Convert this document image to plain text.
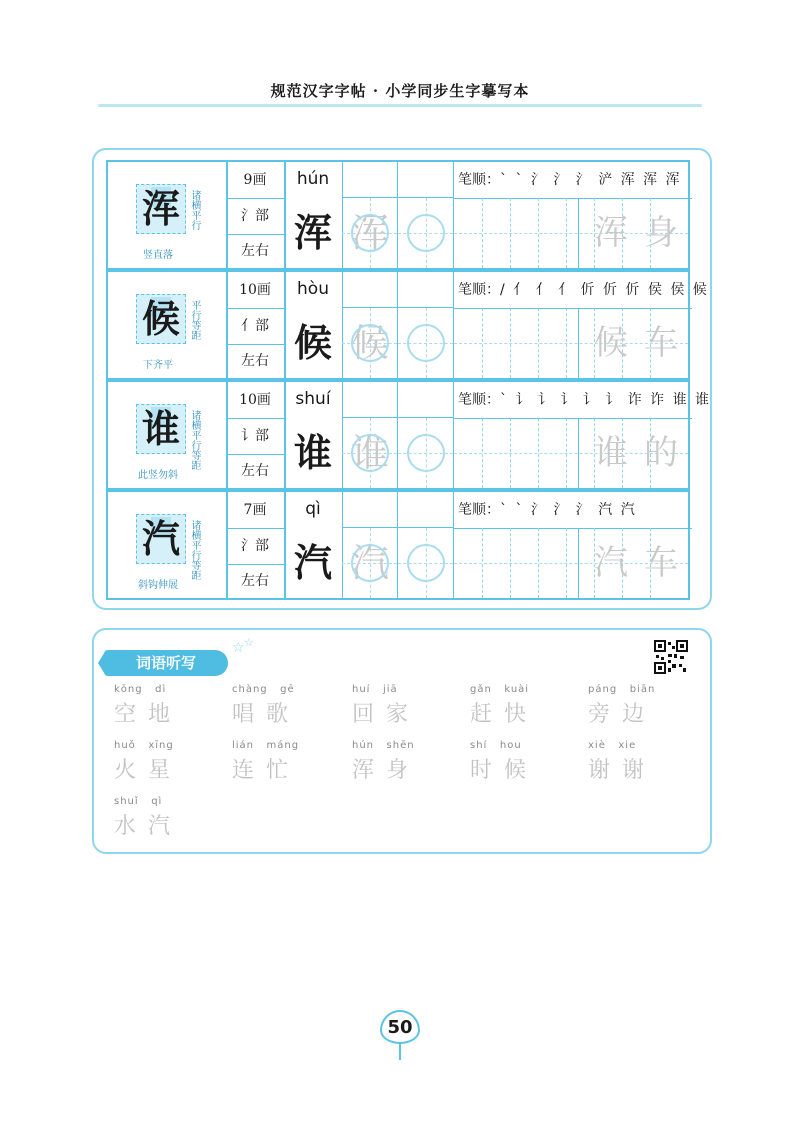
规范汉字字帖 · 小学同步生字摹写本
浑 诸横平行
竖直落
9画
氵部
左右
hún
浑 浑
笔顺：` ` 氵 氵 氵 浐 浑 浑 浑
浑 身
候 平行等距
下齐平
10画
亻部
左右
hòu
候 候
笔顺：/ 亻 亻 亻 伒 伒 伒 侯 侯 候
候 车
谁 诸横平行等距
此竖勿斜
10画
讠部
左右
shuí
谁 谁
笔顺：` 讠 讠 讠 讠 讠 诈 诈 谁 谁
谁 的
汽 诸横平行等距
斜钩伸展
7画
氵部
左右
qì
汽 汽
笔顺：` ` 氵 氵 氵 汽 汽
汽 车
词语听写
☆ ☆
kōng   dì
空地
chàng   gē
唱歌
huí   jiā
回家
gǎn   kuài
赶快
páng   biān
旁边
huǒ   xīng
火星
lián   máng
连忙
hún   shēn
浑身
shí   hou
时候
xiè   xie
谢谢
shuǐ   qì
水汽
50
